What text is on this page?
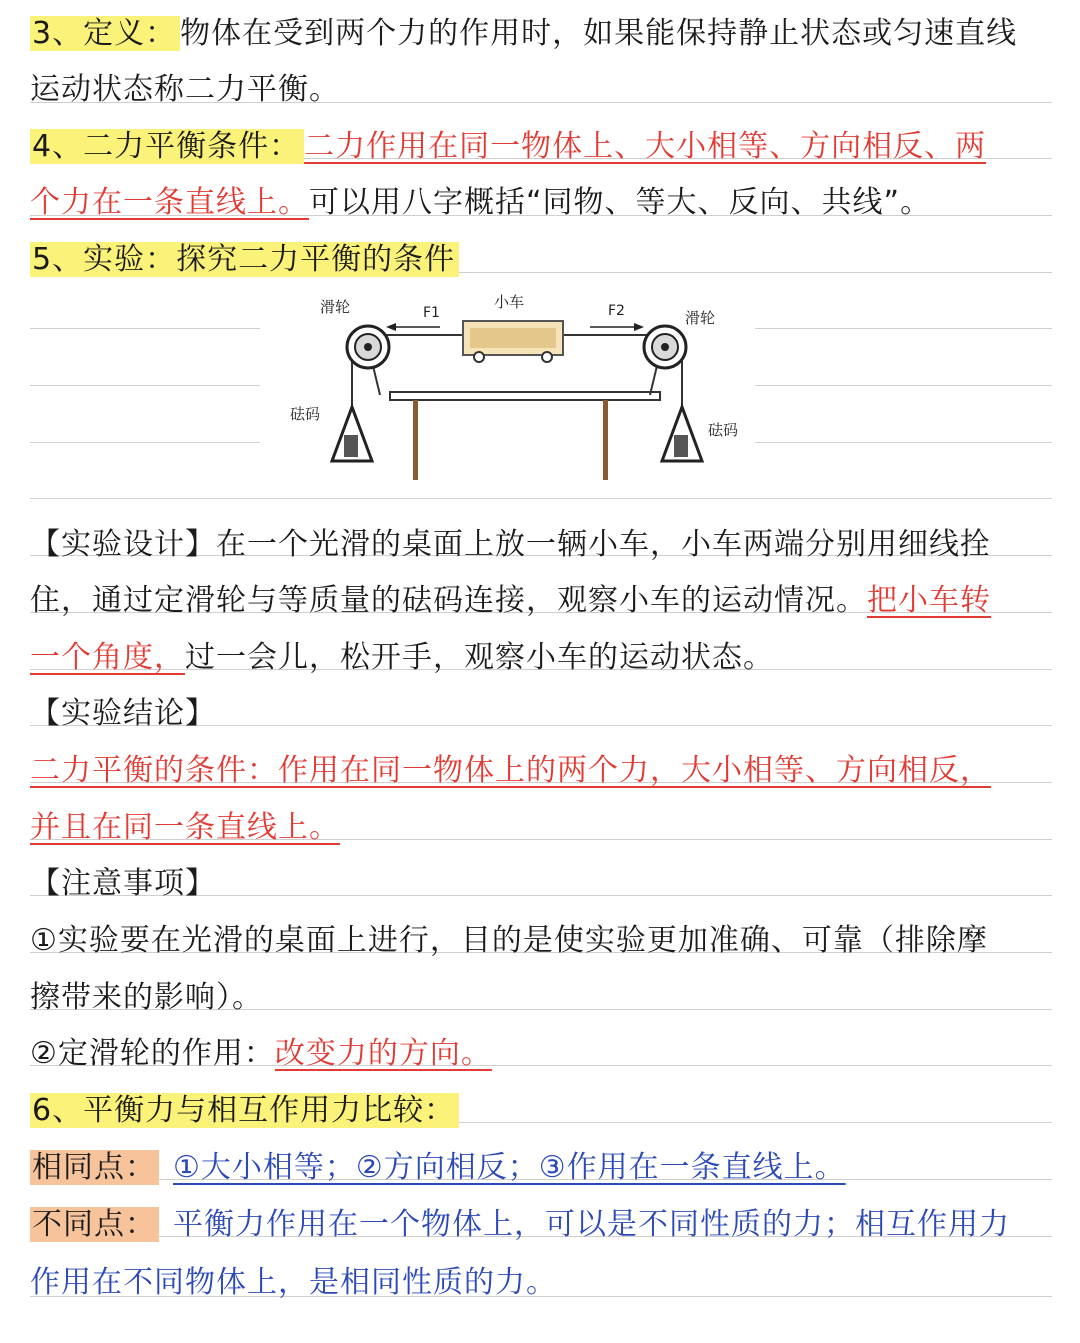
3、定义： 物体在受到两个力的作用时，如果能保持静止状态或匀速直线
运动状态称二力平衡。
4、二力平衡条件： 二力作用在同一物体上、大小相等、方向相反、两
个力在一条直线上。可以用八字概括“同物、等大、反向、共线”。
5、实验：探究二力平衡的条件
滑轮
滑轮
小车
F1	F2
砝码
砝码
【实验设计】在一个光滑的桌面上放一辆小车，小车两端分别用细线拴
住，通过定滑轮与等质量的砝码连接，观察小车的运动情况。把小车转
一个角度，过一会儿，松开手，观察小车的运动状态。
【实验结论】
二力平衡的条件：作用在同一物体上的两个力，大小相等、方向相反，
并且在同一条直线上。
【注意事项】
①实验要在光滑的桌面上进行，目的是使实验更加准确、可靠（排除摩
擦带来的影响）。
②定滑轮的作用：改变力的方向。
6、平衡力与相互作用力比较：
相同点： ①大小相等；②方向相反；③作用在一条直线上。
不同点： 平衡力作用在一个物体上，可以是不同性质的力；相互作用力
作用在不同物体上，是相同性质的力。
